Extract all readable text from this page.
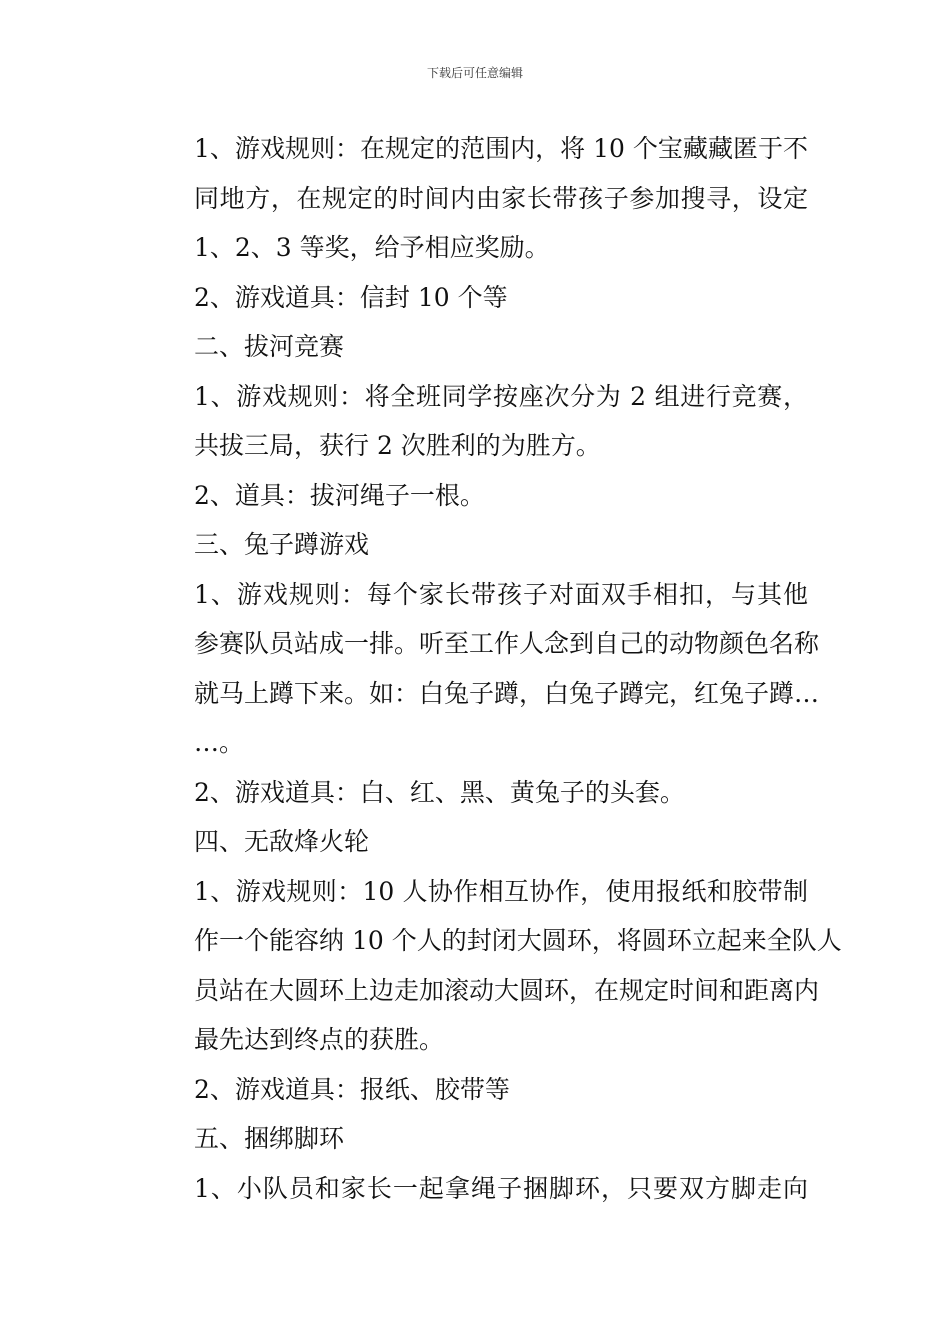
下载后可任意编辑

1、游戏规则：在规定的范围内，将 10 个宝藏藏匿于不
同地方，在规定的时间内由家长带孩子参加搜寻，设定
1、2、3 等奖，给予相应奖励。

2、游戏道具：信封 10 个等

二、拔河竞赛

1、游戏规则：将全班同学按座次分为 2 组进行竞赛，
共拔三局，获行 2 次胜利的为胜方。

2、道具：拔河绳子一根。

三、兔子蹲游戏

1、游戏规则：每个家长带孩子对面双手相扣，与其他
参赛队员站成一排。听至工作人念到自己的动物颜色名称
就马上蹲下来。如：白兔子蹲，白兔子蹲完，红兔子蹲…
…。

2、游戏道具：白、红、黑、黄兔子的头套。

四、无敌烽火轮

1、游戏规则：10 人协作相互协作，使用报纸和胶带制
作一个能容纳 10 个人的封闭大圆环，将圆环立起来全队人
员站在大圆环上边走加滚动大圆环，在规定时间和距离内
最先达到终点的获胜。

2、游戏道具：报纸、胶带等

五、捆绑脚环

1、小队员和家长一起拿绳子捆脚环，只要双方脚走向
